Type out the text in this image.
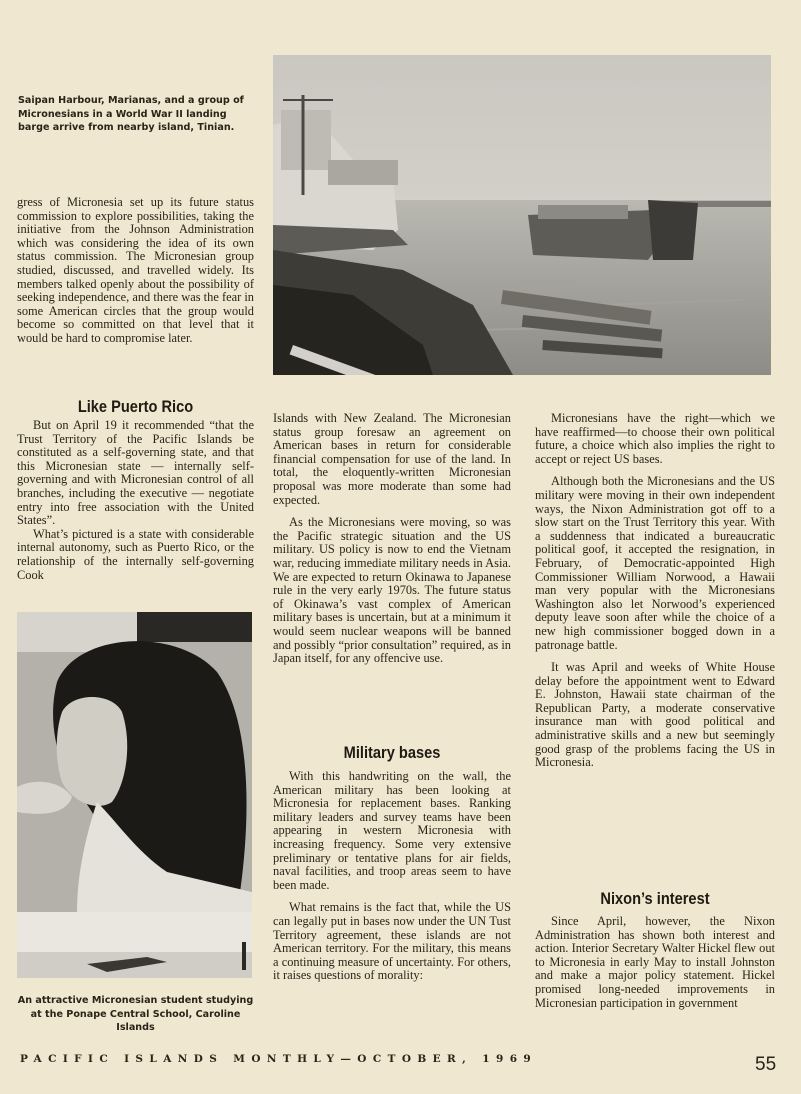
Saipan Harbour, Marianas, and a group of Micronesians in a World War II landing barge arrive from nearby island, Tinian.

gress of Micronesia set up its future status commission to explore possibilities, taking the initiative from the Johnson Administration which was considering the idea of its own status commission. The Micronesian group studied, discussed, and travelled widely. Its members talked openly about the possibility of seeking independence, and there was the fear in some American circles that the group would become so committed on that level that it would be hard to compromise later.

Like Puerto Rico

But on April 19 it recommended “that the Trust Territory of the Pacific Islands be constituted as a self-governing state, and that this Micronesian state — internally self-governing and with Micronesian control of all branches, including the executive — negotiate entry into free association with the United States”.

What’s pictured is a state with considerable internal autonomy, such as Puerto Rico, or the relationship of the internally self-governing Cook

An attractive Micronesian student studying at the Ponape Central School, Caroline Islands

Islands with New Zealand. The Micronesian status group foresaw an agreement on American bases in return for considerable financial compensation for use of the land. In total, the eloquently-written Micronesian proposal was more moderate than some had expected.

As the Micronesians were moving, so was the Pacific strategic situation and the US military. US policy is now to end the Vietnam war, reducing immediate military needs in Asia. We are expected to return Okinawa to Japanese rule in the very early 1970s. The future status of Okinawa’s vast complex of American military bases is uncertain, but at a minimum it would seem nuclear weapons will be banned and possibly “prior consultation” required, as in Japan itself, for any offencive use.

Military bases

With this handwriting on the wall, the American military has been looking at Micronesia for replacement bases. Ranking military leaders and survey teams have been appearing in western Micronesia with increasing frequency. Some very extensive preliminary or tentative plans for air fields, naval facilities, and troop areas seem to have been made.

What remains is the fact that, while the US can legally put in bases now under the UN Tust Territory agreement, these islands are not American territory. For the military, this means a continuing measure of uncertainty. For others, it raises questions of morality:

Micronesians have the right—which we have reaffirmed—to choose their own political future, a choice which also implies the right to accept or reject US bases.

Although both the Micronesians and the US military were moving in their own independent ways, the Nixon Administration got off to a slow start on the Trust Territory this year. With a suddenness that indicated a bureaucratic political goof, it accepted the resignation, in February, of Democratic-appointed High Commissioner William Norwood, a Hawaii man very popular with the Micronesians Washington also let Norwood’s experienced deputy leave soon after while the choice of a new high commissioner bogged down in a patronage battle.

It was April and weeks of White House delay before the appointment went to Edward E. Johnston, Hawaii state chairman of the Republican Party, a moderate conservative insurance man with good political and administrative skills and a new but seemingly good grasp of the problems facing the US in Micronesia.

Nixon’s interest

Since April, however, the Nixon Administration has shown both interest and action. Interior Secretary Walter Hickel flew out to Micronesia in early May to install Johnston and make a major policy statement. Hickel promised long-needed improvements in Micronesian participation in government

PACIFIC ISLANDS MONTHLY—OCTOBER, 1969	55
